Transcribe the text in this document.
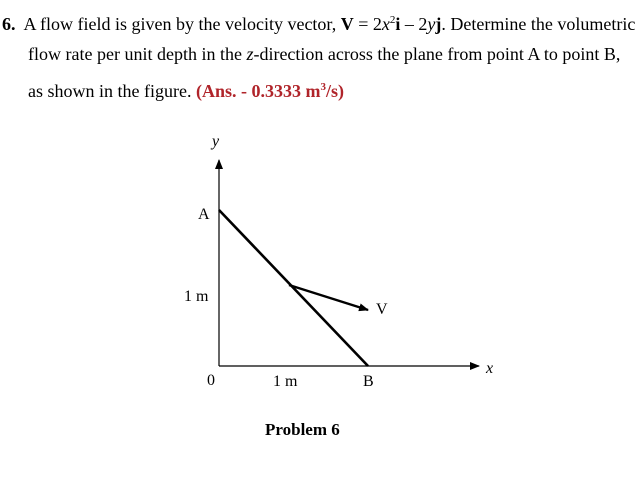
6. A flow field is given by the velocity vector, $V = 2x^2i - 2yj$. Determine the volumetric
flow rate per unit depth in the z-direction across the plane from point A to point B,
as shown in the figure. (Ans. - 0.3333 $m^3/s$)
y
x
A
B
0
1 m
1 m
V
Problem 6
